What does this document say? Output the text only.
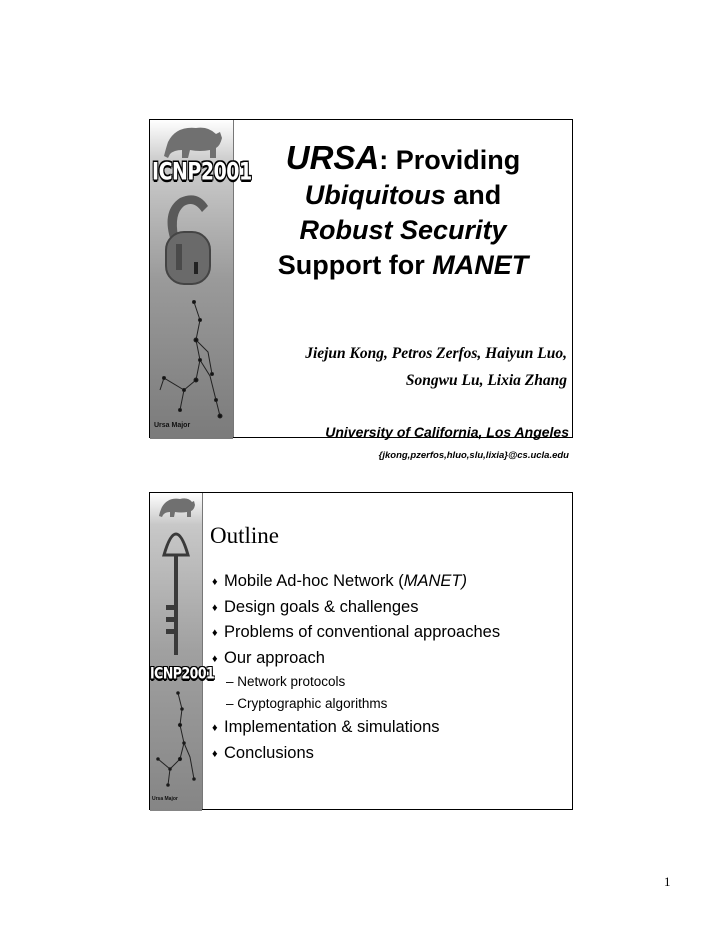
ICNP2001
Ursa Major
URSA: Providing
Ubiquitous and
Robust Security
Support for MANET
Jiejun Kong, Petros Zerfos, Haiyun Luo,
Songwu Lu, Lixia Zhang
University of California, Los Angeles
{jkong,pzerfos,hluo,slu,lixia}@cs.ucla.edu
ICNP2001
Ursa Major
Outline
♦ Mobile Ad-hoc Network (MANET)
♦ Design goals & challenges
♦ Problems of conventional approaches
♦ Our approach
– Network protocols
– Cryptographic algorithms
♦ Implementation & simulations
♦ Conclusions
1
